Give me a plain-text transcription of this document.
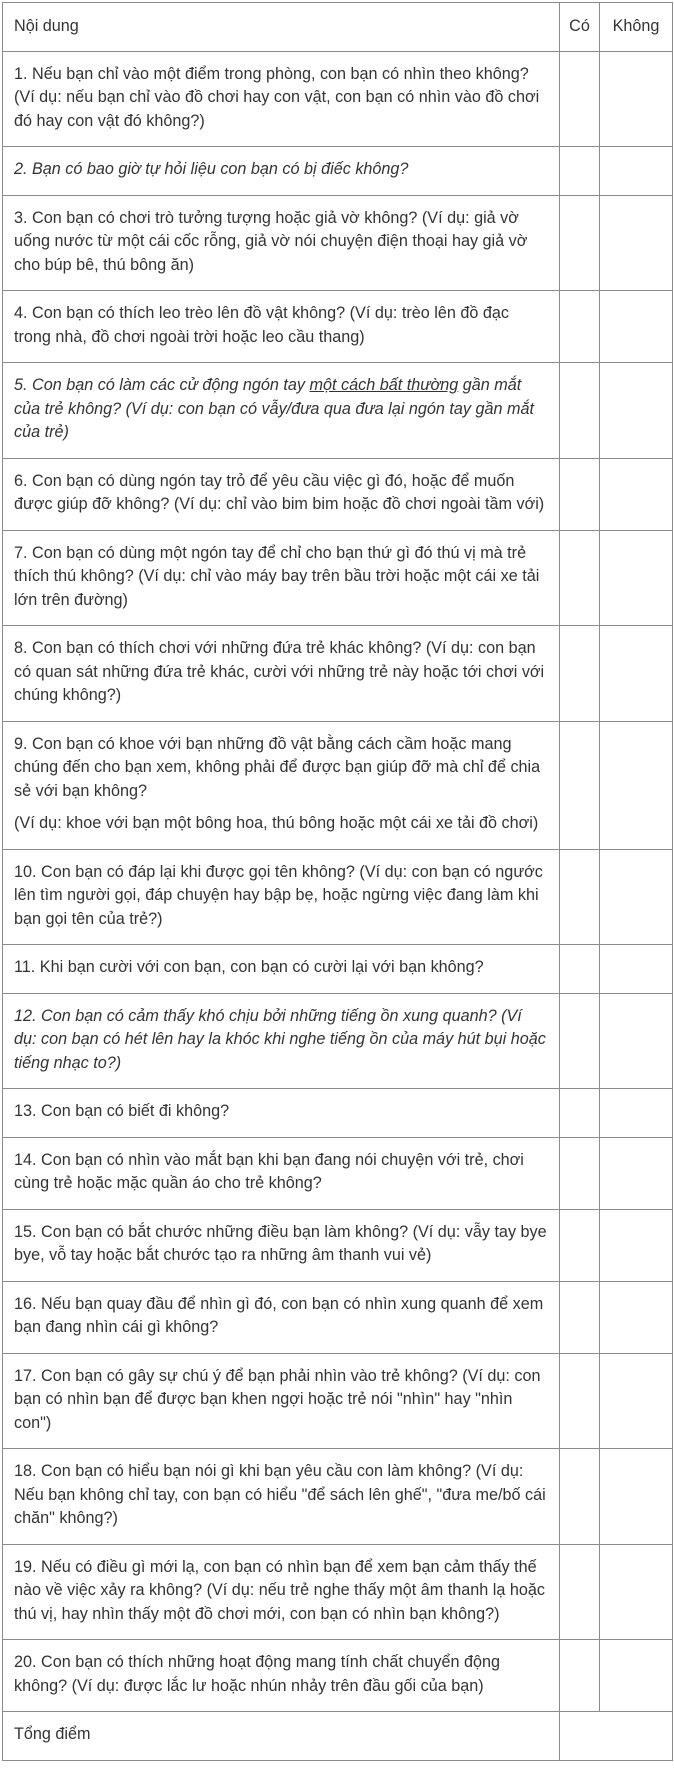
Nội dung	Có	Không

1. Nếu bạn chỉ vào một điểm trong phòng, con bạn có nhìn theo không? (Ví dụ: nếu bạn chỉ vào đồ chơi hay con vật, con bạn có nhìn vào đồ chơi đó hay con vật đó không?)		

2. Bạn có bao giờ tự hỏi liệu con bạn có bị điếc không?		

3. Con bạn có chơi trò tưởng tượng hoặc giả vờ không? (Ví dụ: giả vờ uống nước từ một cái cốc rỗng, giả vờ nói chuyện điện thoại hay giả vờ cho búp bê, thú bông ăn)		

4. Con bạn có thích leo trèo lên đồ vật không? (Ví dụ: trèo lên đồ đạc trong nhà, đồ chơi ngoài trời hoặc leo cầu thang)		

5. Con bạn có làm các cử động ngón tay một cách bất thường gần mắt của trẻ không? (Ví dụ: con bạn có vẫy/đưa qua đưa lại ngón tay gần mắt của trẻ)		

6. Con bạn có dùng ngón tay trỏ để yêu cầu việc gì đó, hoặc để muốn được giúp đỡ không? (Ví dụ: chỉ vào bim bim hoặc đồ chơi ngoài tầm với)		

7. Con bạn có dùng một ngón tay để chỉ cho bạn thứ gì đó thú vị mà trẻ thích thú không? (Ví dụ: chỉ vào máy bay trên bầu trời hoặc một cái xe tải lớn trên đường)		

8. Con bạn có thích chơi với những đứa trẻ khác không? (Ví dụ: con bạn có quan sát những đứa trẻ khác, cười với những trẻ này hoặc tới chơi với chúng không?)		

9. Con bạn có khoe với bạn những đồ vật bằng cách cầm hoặc mang chúng đến cho bạn xem, không phải để được bạn giúp đỡ mà chỉ để chia sẻ với bạn không?
(Ví dụ: khoe với bạn một bông hoa, thú bông hoặc một cái xe tải đồ chơi)		

10. Con bạn có đáp lại khi được gọi tên không? (Ví dụ: con bạn có ngước lên tìm người gọi, đáp chuyện hay bập bẹ, hoặc ngừng việc đang làm khi bạn gọi tên của trẻ?)		

11. Khi bạn cười với con bạn, con bạn có cười lại với bạn không?		

12. Con bạn có cảm thấy khó chịu bởi những tiếng ồn xung quanh? (Ví dụ: con bạn có hét lên hay la khóc khi nghe tiếng ồn của máy hút bụi hoặc tiếng nhạc to?)		

13. Con bạn có biết đi không?		

14. Con bạn có nhìn vào mắt bạn khi bạn đang nói chuyện với trẻ, chơi cùng trẻ hoặc mặc quần áo cho trẻ không?		

15. Con bạn có bắt chước những điều bạn làm không? (Ví dụ: vẫy tay bye bye, vỗ tay hoặc bắt chước tạo ra những âm thanh vui vẻ)		

16. Nếu bạn quay đầu để nhìn gì đó, con bạn có nhìn xung quanh để xem bạn đang nhìn cái gì không?		

17. Con bạn có gây sự chú ý để bạn phải nhìn vào trẻ không? (Ví dụ: con bạn có nhìn bạn để được bạn khen ngợi hoặc trẻ nói "nhìn" hay "nhìn con")		

18. Con bạn có hiểu bạn nói gì khi bạn yêu cầu con làm không? (Ví dụ: Nếu bạn không chỉ tay, con bạn có hiểu "để sách lên ghế", "đưa me/bố cái chăn" không?)		

19. Nếu có điều gì mới lạ, con bạn có nhìn bạn để xem bạn cảm thấy thế nào về việc xảy ra không? (Ví dụ: nếu trẻ nghe thấy một âm thanh lạ hoặc thú vị, hay nhìn thấy một đồ chơi mới, con bạn có nhìn bạn không?)		

20. Con bạn có thích những hoạt động mang tính chất chuyển động không? (Ví dụ: được lắc lư hoặc nhún nhảy trên đầu gối của bạn)		

Tổng điểm		
